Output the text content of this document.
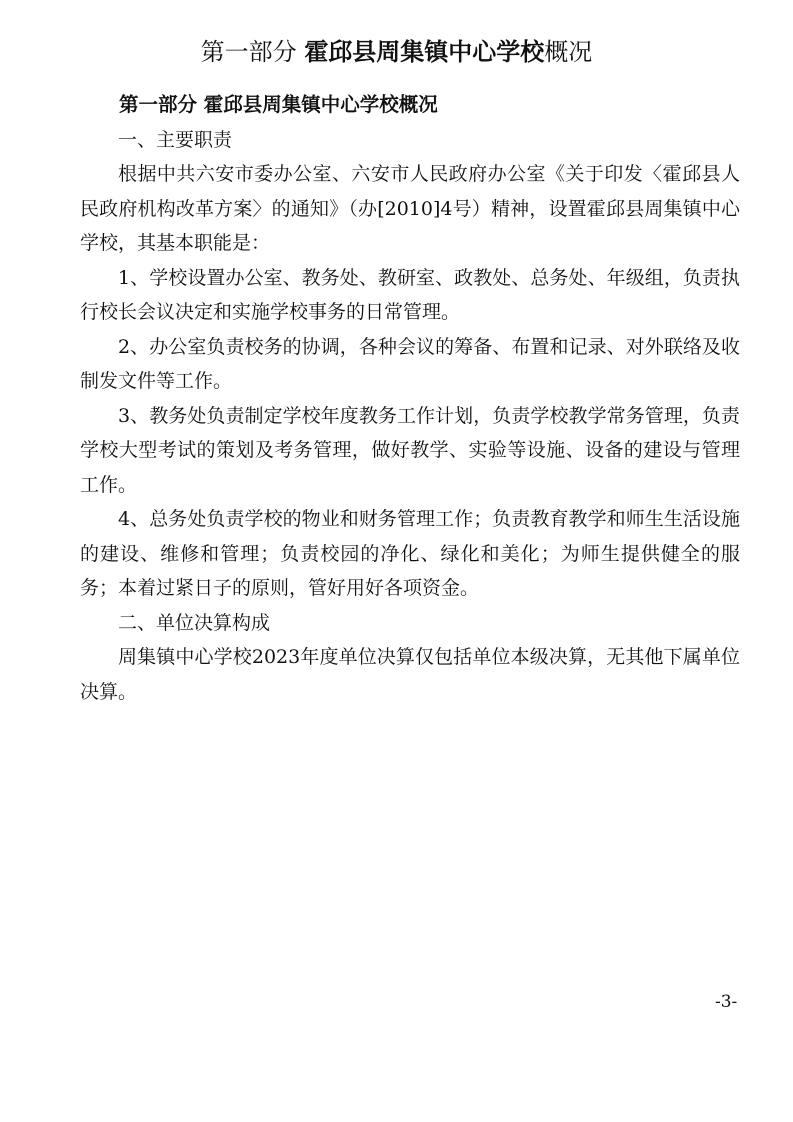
第一部分 霍邱县周集镇中心学校概况

第一部分 霍邱县周集镇中心学校概况

一、主要职责

根据中共六安市委办公室、六安市人民政府办公室《关于印发〈霍邱县人民政府机构改革方案〉的通知》（办[2010]4号）精神，设置霍邱县周集镇中心学校，其基本职能是：

1、学校设置办公室、教务处、教研室、政教处、总务处、年级组，负责执行校长会议决定和实施学校事务的日常管理。

2、办公室负责校务的协调，各种会议的筹备、布置和记录、对外联络及收制发文件等工作。

3、教务处负责制定学校年度教务工作计划，负责学校教学常务管理，负责学校大型考试的策划及考务管理，做好教学、实验等设施、设备的建设与管理工作。

4、总务处负责学校的物业和财务管理工作；负责教育教学和师生生活设施的建设、维修和管理；负责校园的净化、绿化和美化；为师生提供健全的服务；本着过紧日子的原则，管好用好各项资金。

二、单位决算构成

周集镇中心学校2023年度单位决算仅包括单位本级决算，无其他下属单位决算。

-3-
